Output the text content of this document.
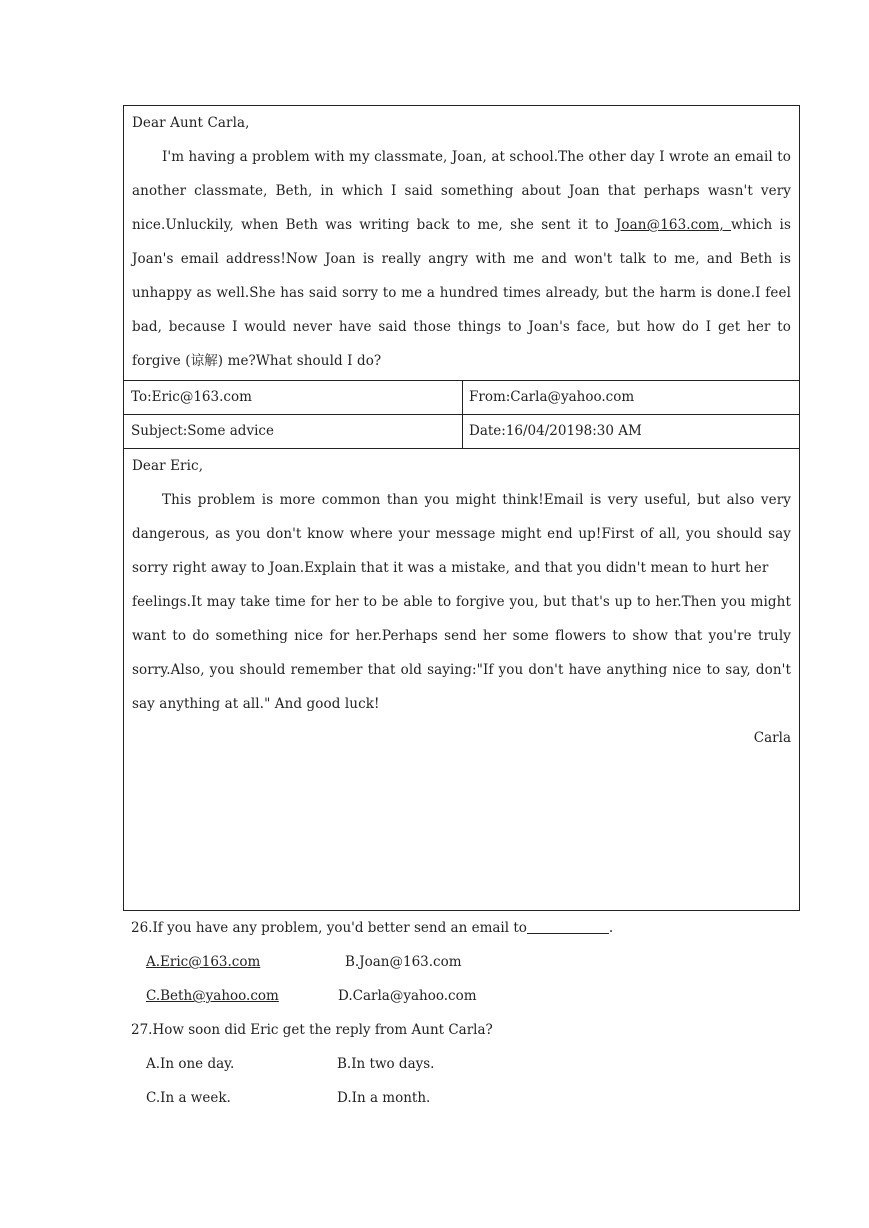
Dear Aunt Carla,

I'm having a problem with my classmate, Joan, at school.The other day I wrote an email to another classmate, Beth, in which I said something about Joan that perhaps wasn't very nice.Unluckily, when Beth was writing back to me, she sent it to Joan@163.com, which is Joan's email address!Now Joan is really angry with me and won't talk to me, and Beth is unhappy as well.She has said sorry to me a hundred times already, but the harm is done.I feel bad, because I would never have said those things to Joan's face, but how do I get her to forgive (谅解) me?What should I do?

To:Eric@163.com	From:Carla@yahoo.com
Subject:Some advice	Date:16/04/20198:30 AM

Dear Eric,

This problem is more common than you might think!Email is very useful, but also very dangerous, as you don't know where your message might end up!First of all, you should say sorry right away to Joan.Explain that it was a mistake, and that you didn't mean to hurt her

feelings.It may take time for her to be able to forgive you, but that's up to her.Then you might want to do something nice for her.Perhaps send her some flowers to show that you're truly sorry.Also, you should remember that old saying:"If you don't have anything nice to say, don't say anything at all." And good luck!

Carla
26.If you have any problem, you'd better send an email to	.
A.Eric@163.com	B.Joan@163.com
C.Beth@yahoo.com	D.Carla@yahoo.com
27.How soon did Eric get the reply from Aunt Carla?
A.In one day.	B.In two days.
C.In a week.	D.In a month.
